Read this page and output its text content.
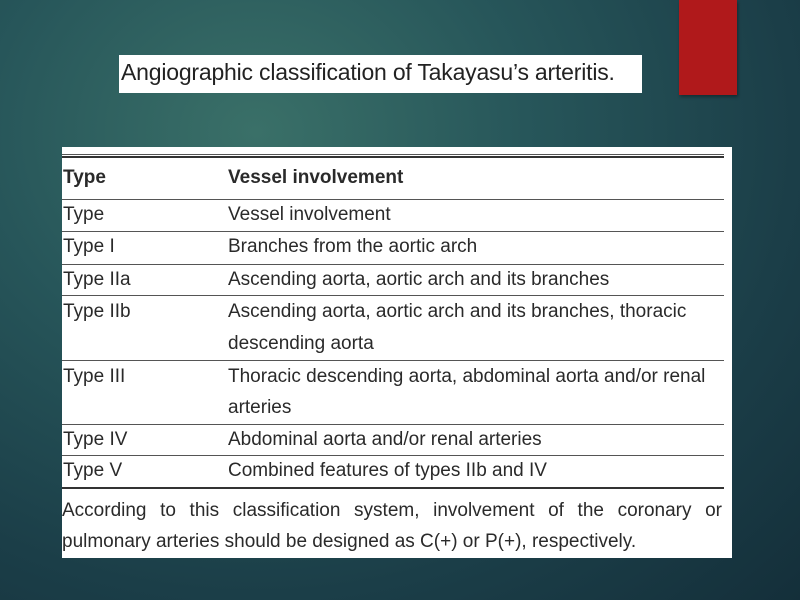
Angiographic classification of Takayasu’s arteritis.
Type	Vessel involvement
Type	Vessel involvement
Type I	Branches from the aortic arch
Type IIa	Ascending aorta, aortic arch and its branches
Type IIb	Ascending aorta, aortic arch and its branches, thoracic
descending aorta
Type III	Thoracic descending aorta, abdominal aorta and/or renal
arteries
Type IV	Abdominal aorta and/or renal arteries
Type V	Combined features of types IIb and IV
According to this classification system, involvement of the coronary or pulmonary arteries should be designed as C(+) or P(+), respectively.
